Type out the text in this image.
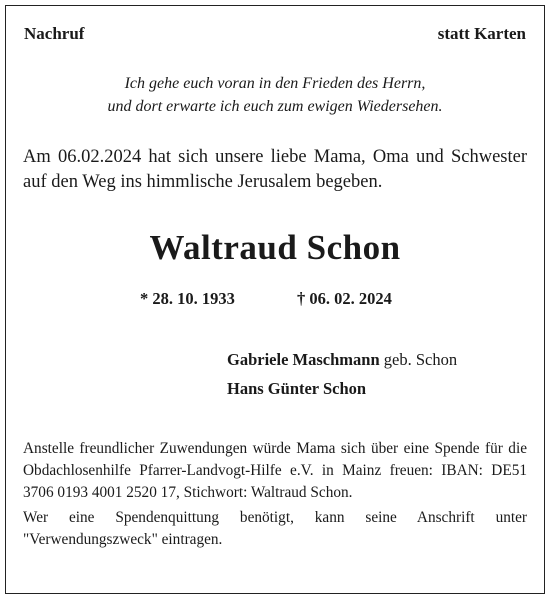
Nachruf	statt Karten
Ich gehe euch voran in den Frieden des Herrn,
und dort erwarte ich euch zum ewigen Wiedersehen.
Am 06.02.2024 hat sich unsere liebe Mama, Oma und Schwester auf den Weg ins himmlische Jerusalem begeben.
Waltraud Schon
* 28. 10. 1933	† 06. 02. 2024
Gabriele Maschmann geb. Schon
Hans Günter Schon

Anstelle freundlicher Zuwendungen würde Mama sich über eine Spende für die Obdachlosenhilfe Pfarrer-Landvogt-Hilfe e.V. in Mainz freuen: IBAN: DE51 3706 0193 4001 2520 17, Stichwort: Waltraud Schon.

Wer eine Spendenquittung benötigt, kann seine Anschrift unter "Verwendungszweck" eintragen.
